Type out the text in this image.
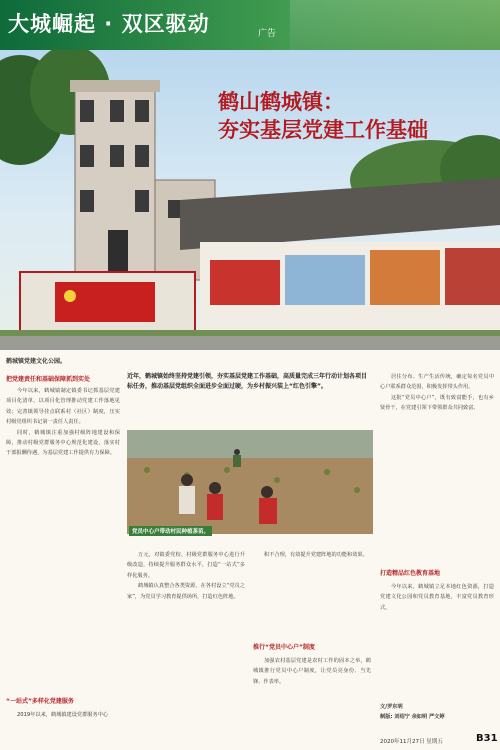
大城崛起 · 双区驱动	广告
鹤山鹤城镇：
夯实基层党建工作基础
鹤城镇党建文化公园。
把党建责任和基础保障抓到实处

今年以来，鹤城镇制定镇委书记抓基层党建项目化清单，以项目化管理推动党建工作落地见效；完善镇领导挂点联系村（社区）制度，压实村级党组织书记第一责任人责任。

同时，鹤城镇注重加强村级阵地建设和保障，推动村级党群服务中心规范化建设，落实村干部报酬待遇，为基层党建工作提供有力保障。

“一站式”多样化党建服务

2019年以来，鹤城镇建设党群服务中心

近年，鹤城镇始终坚持党建引领，夯实基层党建工作基础，高质量完成三年行动计划各项目标任务，推动基层党组织全面进步全面过硬，为乡村振兴装上“红色引擎”。
党员中心户带动村民种植茶苗。

万元，对镇委党校、村级党群服务中心进行升级改造，持续提升服务群众水平，打造“一站式”多样化服务。

鹤城镇认真整合各类资源，在各村设立“党员之家”，为党员学习教育提供场所，打造红色阵地。

积不合理，有效提升党建阵地的功能和效果。

推行“党员中心户”制度

加强农村基层党建是农村工作的固本之举，鹤城镇推行党员中心户制度，让党员亮身份、当先锋、作表率。

居住分布、生产生活传统，确定每名党员中心户联系群众范围，积极发挥带头作用。

这批“党员中心户”，既有致富能手，也有乡贤骨干，在党建引领下带领群众共同致富。

打造精品红色教育基地

今年以来，鹤城镇立足本地红色资源，打造党建文化公园和党员教育基地，丰富党员教育形式。

文/罗东明
制版: 刘绍宁 余如明 严文婷
2020年11月27日 星期五	B31
